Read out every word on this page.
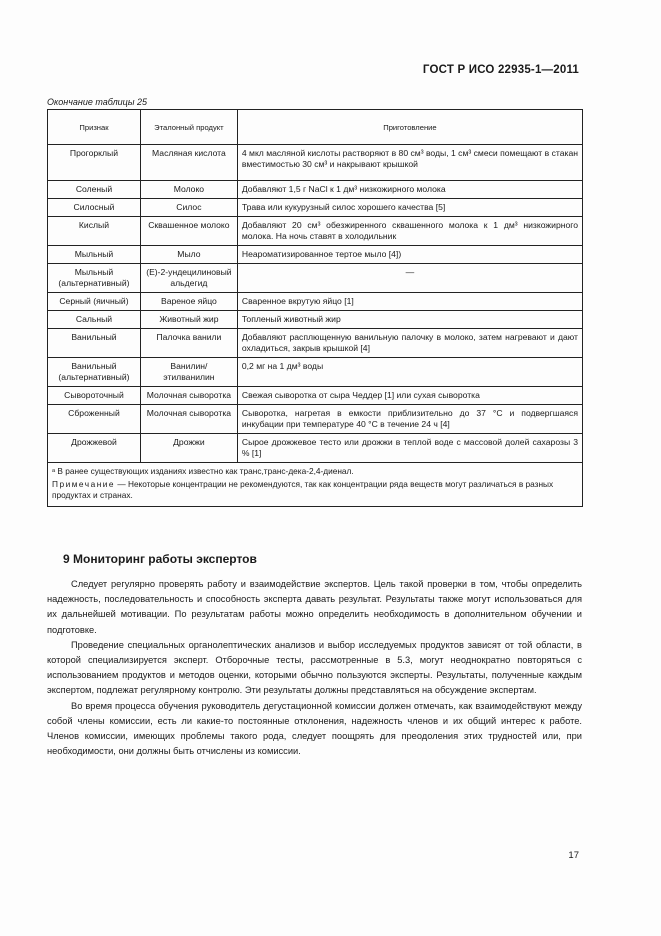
ГОСТ Р ИСО 22935-1—2011
Окончание таблицы 25
Признак	Эталонный продукт	Приготовление
Прогорклый	Масляная кислота	4 мкл масляной кислоты растворяют в 80 см³ воды, 1 см³ смеси помещают в стакан вместимостью 30 см³ и накрывают крышкой
Соленый	Молоко	Добавляют 1,5 г NaCl к 1 дм³ низкожирного молока
Силосный	Силос	Трава или кукурузный силос хорошего качества [5]
Кислый	Сквашенное молоко	Добавляют 20 см³ обезжиренного сквашенного молока к 1 дм³ низкожирного молока. На ночь ставят в холодильник
Мыльный	Мыло	Неароматизированное тертое мыло [4])
Мыльный (альтернативный)	(E)-2-ундецилиновый альдегид	—
Серный (яичный)	Вареное яйцо	Сваренное вкрутую яйцо [1]
Сальный	Животный жир	Топленый животный жир
Ванильный	Палочка ванили	Добавляют расплющенную ванильную палочку в молоко, затем нагревают и дают охладиться, закрыв крышкой [4]
Ванильный (альтернативный)	Ванилин/ этилванилин	0,2 мг на 1 дм³ воды
Сывороточный	Молочная сыворотка	Свежая сыворотка от сыра Чеддер [1] или сухая сыворотка
Сброженный	Молочная сыворотка	Сыворотка, нагретая в емкости приблизительно до 37 °С и подвергшаяся инкубации при температуре 40 °С в течение 24 ч [4]
Дрожжевой	Дрожжи	Сырое дрожжевое тесто или дрожжи в теплой воде с массовой долей сахарозы 3 % [1]

ᵃ В ранее существующих изданиях известно как транс,транс-дека-2,4-диенал.

Примечание — Некоторые концентрации не рекомендуются, так как концентрации ряда веществ могут различаться в разных продуктах и странах.		

9 Мониторинг работы экспертов

Следует регулярно проверять работу и взаимодействие экспертов. Цель такой проверки в том, чтобы определить надежность, последовательность и способность эксперта давать результат. Результаты также могут использоваться для их дальнейшей мотивации. По результатам работы можно определить необходимость в дополнительном обучении и подготовке.

Проведение специальных органолептических анализов и выбор исследуемых продуктов зависят от той области, в которой специализируется эксперт. Отборочные тесты, рассмотренные в 5.3, могут неоднократно повторяться с использованием продуктов и методов оценки, которыми обычно пользуются эксперты. Результаты, полученные каждым экспертом, подлежат регулярному контролю. Эти результаты должны представляться на обсуждение экспертам.

Во время процесса обучения руководитель дегустационной комиссии должен отмечать, как взаимодействуют между собой члены комиссии, есть ли какие-то постоянные отклонения, надежность членов и их общий интерес к работе. Членов комиссии, имеющих проблемы такого рода, следует поощрять для преодоления этих трудностей или, при необходимости, они должны быть отчислены из комиссии.

17
